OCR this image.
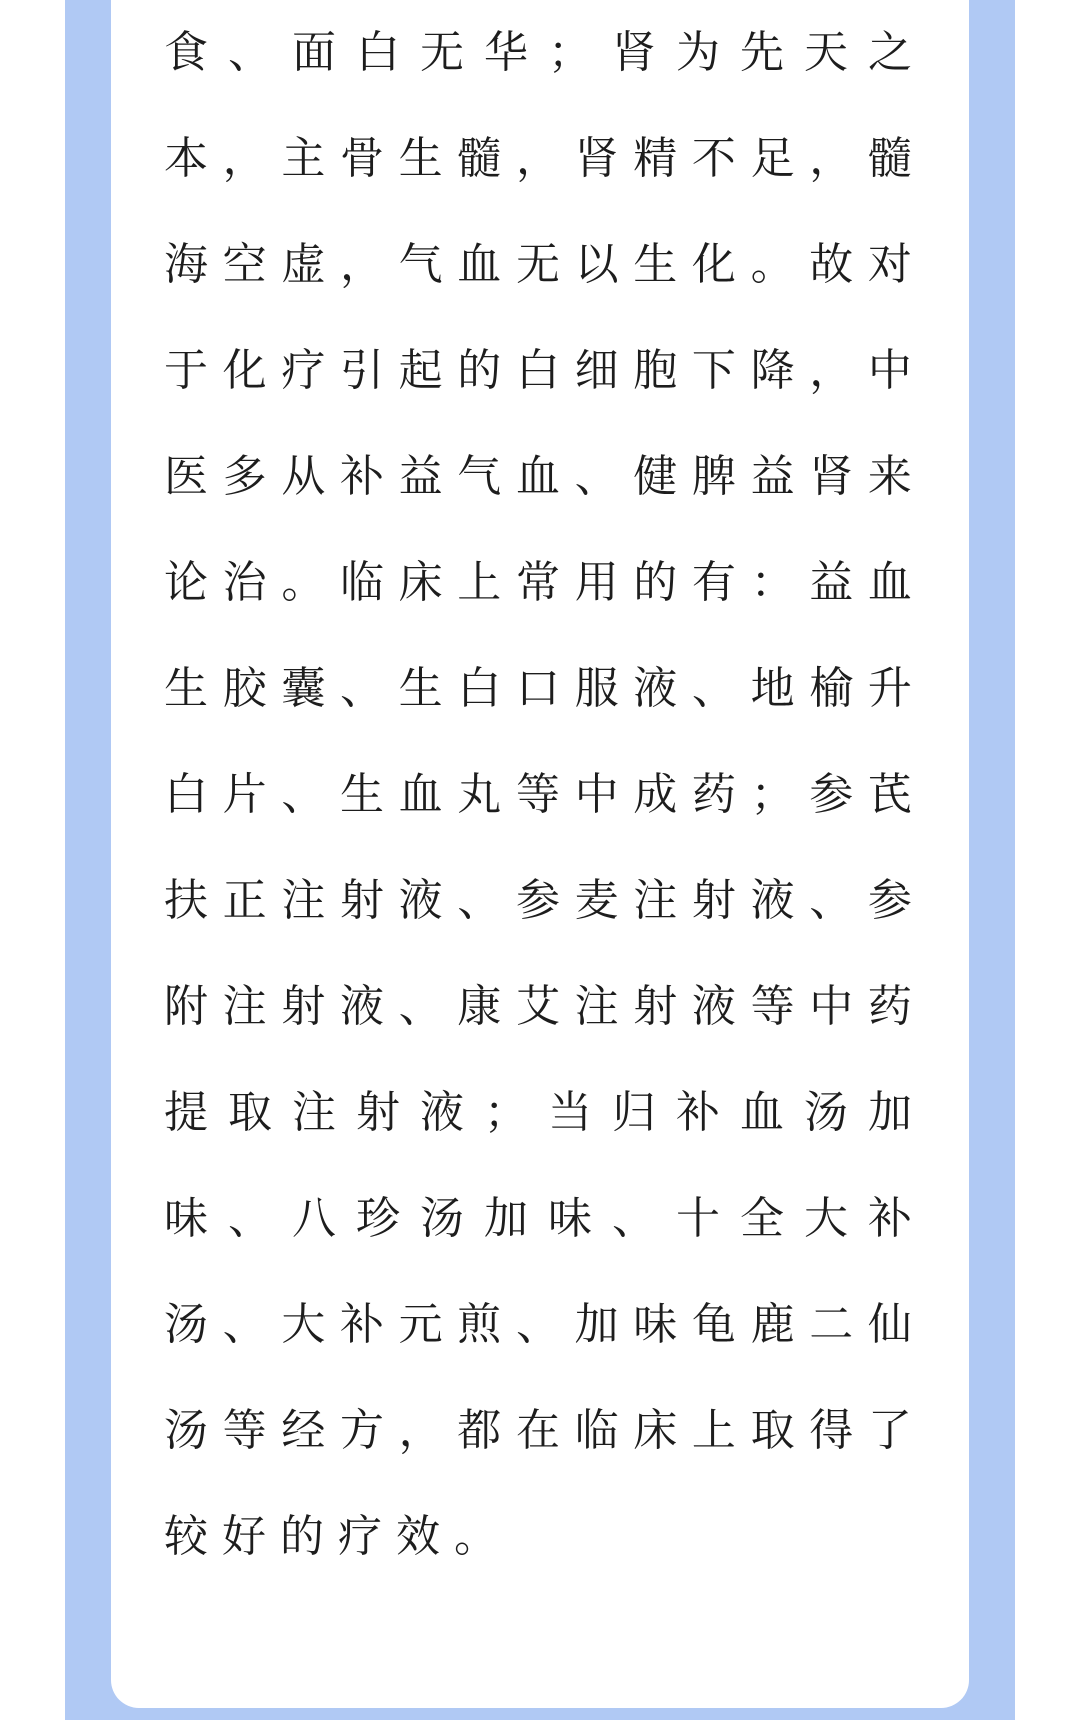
食 、 面 白 无 华 ； 肾 为 先 天 之
本 ， 主 骨 生 髓 ， 肾 精 不 足 ， 髓
海 空 虚 ， 气 血 无 以 生 化 。 故 对
于 化 疗 引 起 的 白 细 胞 下 降 ， 中
医 多 从 补 益 气 血 、 健 脾 益 肾 来
论 治 。 临 床 上 常 用 的 有 ： 益 血
生 胶 囊 、 生 白 口 服 液 、 地 榆 升
白 片 、 生 血 丸 等 中 成 药 ； 参 芪
扶 正 注 射 液 、 参 麦 注 射 液 、 参
附 注 射 液 、 康 艾 注 射 液 等 中 药
提 取 注 射 液 ； 当 归 补 血 汤 加
味 、 八 珍 汤 加 味 、 十 全 大 补
汤 、 大 补 元 煎 、 加 味 龟 鹿 二 仙
汤 等 经 方 ， 都 在 临 床 上 取 得 了
较 好 的 疗 效 。
